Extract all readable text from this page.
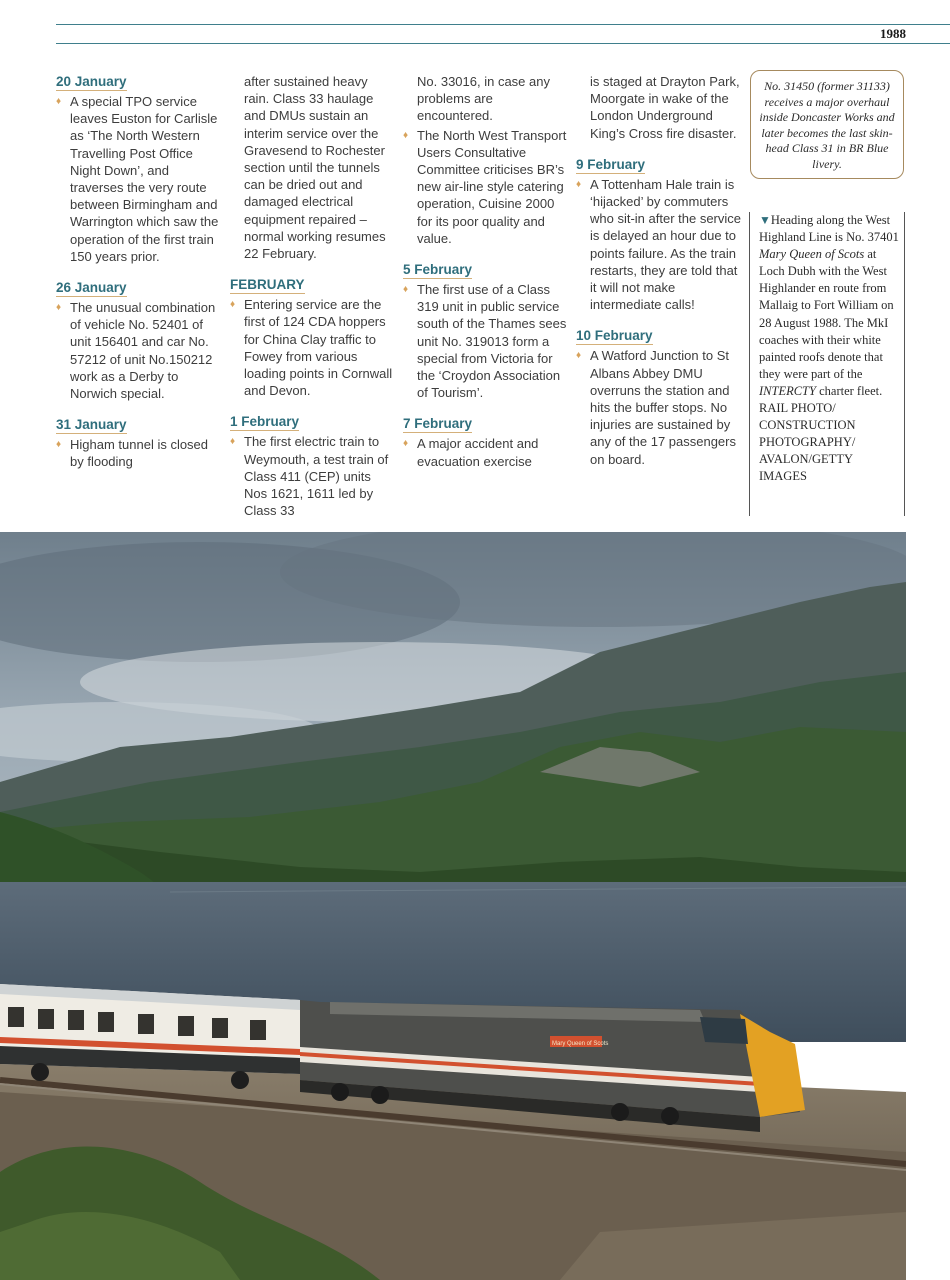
1988
20 January
♦ A special TPO service leaves Euston for Carlisle as ‘The North Western Travelling Post Office Night Down’, and traverses the very route between Birmingham and Warrington which saw the operation of the first train 150 years prior.
26 January
♦ The unusual combination of vehicle No. 52401 of unit 156401 and car No. 57212 of unit No.150212 work as a Derby to Norwich special.
31 January
♦ Higham tunnel is closed by flooding
after sustained heavy rain. Class 33 haulage and DMUs sustain an interim service over the Gravesend to Rochester section until the tunnels can be dried out and damaged electrical equipment repaired – normal working resumes 22 February.
FEBRUARY
♦ Entering service are the first of 124 CDA hoppers for China Clay traffic to Fowey from various loading points in Cornwall and Devon.
1 February
♦ The first electric train to Weymouth, a test train of Class 411 (CEP) units Nos 1621, 1611 led by Class 33
No. 33016, in case any problems are encountered.
♦ The North West Transport Users Consultative Committee criticises BR’s new air-line style catering operation, Cuisine 2000 for its poor quality and value.
5 February
♦ The first use of a Class 319 unit in public service south of the Thames sees unit No. 319013 form a special from Victoria for the ‘Croydon Association of Tourism’.
7 February
♦ A major accident and evacuation exercise
is staged at Drayton Park, Moorgate in wake of the London Underground King’s Cross fire disaster.
9 February
♦ A Tottenham Hale train is ‘hijacked’ by commuters who sit-in after the service is delayed an hour due to points failure. As the train restarts, they are told that it will not make intermediate calls!
10 February
♦ A Watford Junction to St Albans Abbey DMU overruns the station and hits the buffer stops. No injuries are sustained by any of the 17 passengers on board.
No. 31450 (former 31133) receives a major overhaul inside Doncaster Works and later becomes the last skin-head Class 31 in BR Blue livery.
▼Heading along the West Highland Line is No. 37401 Mary Queen of Scots at Loch Dubh with the West Highlander en route from Mallaig to Fort William on 28 August 1988. The MkI coaches with their white painted roofs denote that they were part of the INTERCTY charter fleet. RAIL PHOTO/ CONSTRUCTION PHOTOGRAPHY/ AVALON/GETTY IMAGES
Mary Queen of Scots
